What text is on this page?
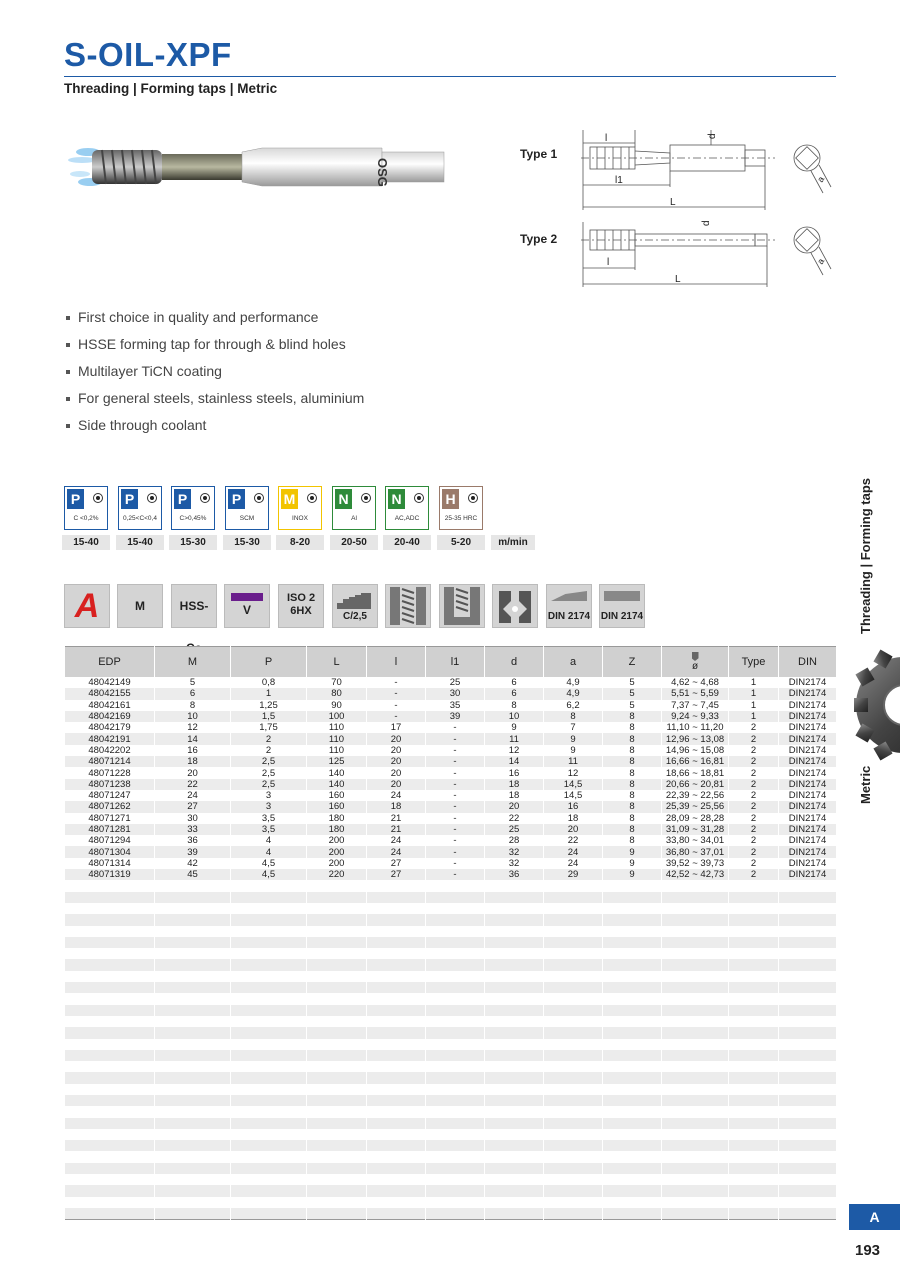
S-OIL-XPF
Threading | Forming taps | Metric
OSG
Type 1
l
l1
L
d
a
Type 2
l
L
d
a
First choice in quality and performance
HSSE forming tap for through & blind holes
Multilayer TiCN coating
For general steels, stainless steels, aluminium
Side through coolant
P
C <0,2%
15-40
P
0,25<C<0,4
15-40
P
C>0,45%
15-30
P
SCM
15-30
M
INOX
8-20
N
Al
20-50
N
AC,ADC
20-40
H
25-35 HRC
5-20	m/min
A	M	HSS-	V
ISO 2
6HX	C/2,5	DIN 2174 DIN 2174
EDP	M	P	L	l	l1	d	a	Z	ø	Type	DIN
48042149	5	0,8	70	-	25	6	4,9	5	4,62 ~ 4,68	1	DIN2174
48042155	6	1	80	-	30	6	4,9	5	5,51 ~ 5,59	1	DIN2174
48042161	8	1,25	90	-	35	8	6,2	5	7,37 ~ 7,45	1	DIN2174
48042169	10	1,5	100	-	39	10	8	8	9,24 ~ 9,33	1	DIN2174
48042179	12	1,75	110	17	-	9	7	8	11,10 ~ 11,20	2	DIN2174
48042191	14	2	110	20	-	11	9	8	12,96 ~ 13,08	2	DIN2174
48042202	16	2	110	20	-	12	9	8	14,96 ~ 15,08	2	DIN2174
48071214	18	2,5	125	20	-	14	11	8	16,66 ~ 16,81	2	DIN2174
48071228	20	2,5	140	20	-	16	12	8	18,66 ~ 18,81	2	DIN2174
48071238	22	2,5	140	20	-	18	14,5	8	20,66 ~ 20,81	2	DIN2174
48071247	24	3	160	24	-	18	14,5	8	22,39 ~ 22,56	2	DIN2174
48071262	27	3	160	18	-	20	16	8	25,39 ~ 25,56	2	DIN2174
48071271	30	3,5	180	21	-	22	18	8	28,09 ~ 28,28	2	DIN2174
48071281	33	3,5	180	21	-	25	20	8	31,09 ~ 31,28	2	DIN2174
48071294	36	4	200	24	-	28	22	8	33,80 ~ 34,01	2	DIN2174
48071304	39	4	200	24	-	32	24	9	36,80 ~ 37,01	2	DIN2174
48071314	42	4,5	200	27	-	32	24	9	39,52 ~ 39,73	2	DIN2174
48071319	45	4,5	220	27	-	36	29	9	42,52 ~ 42,73	2	DIN2174

Threading | Forming taps
Metric
A
193
